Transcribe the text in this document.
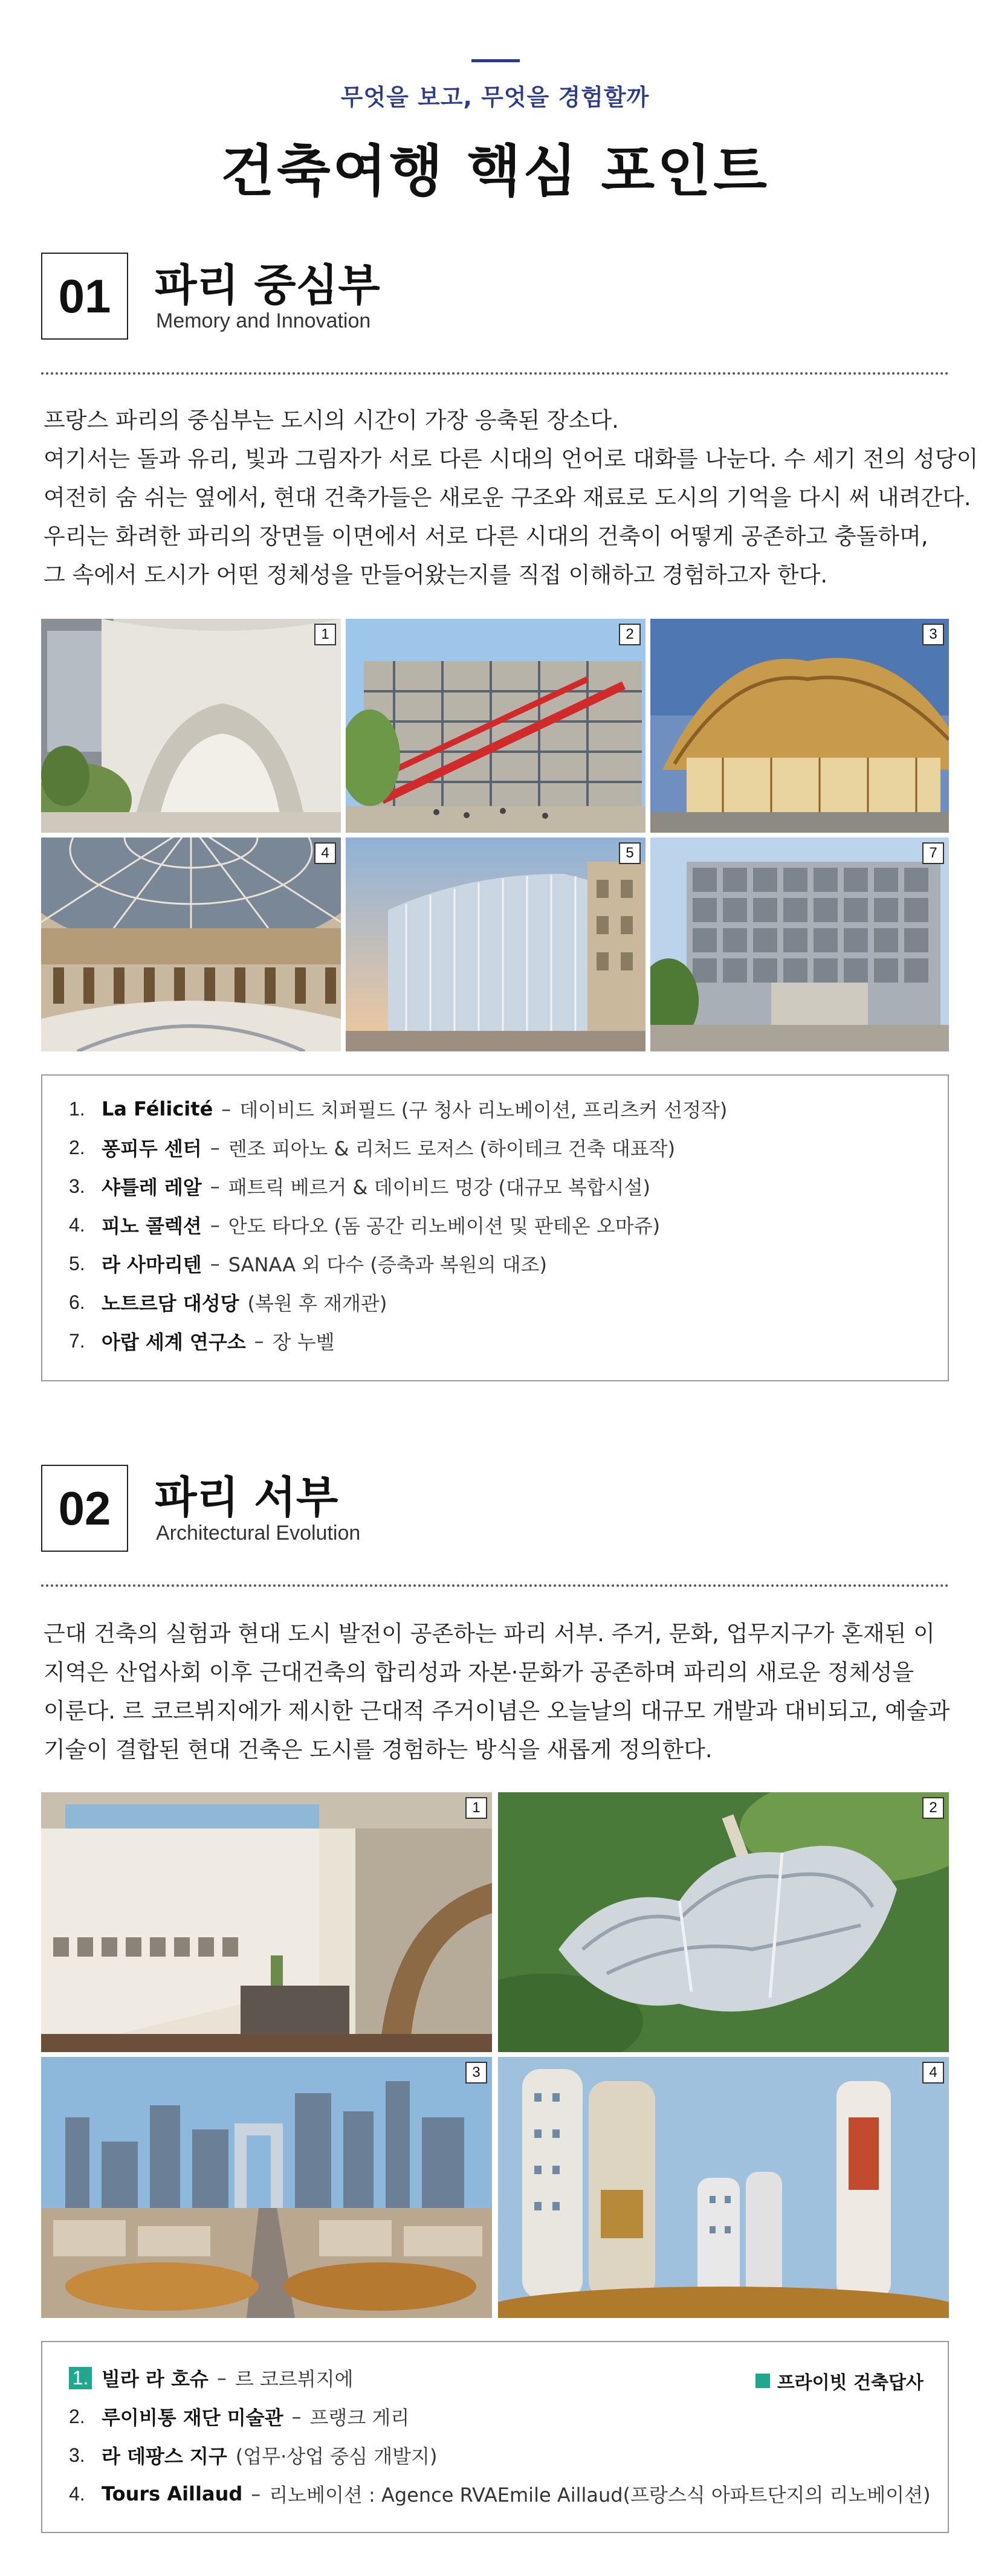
무엇을 보고, 무엇을 경험할까
건축여행 핵심 포인트
01	파리 중심부
Memory and Innovation

프랑스 파리의 중심부는 도시의 시간이 가장 응축된 장소다.

여기서는 돌과 유리, 빛과 그림자가 서로 다른 시대의 언어로 대화를 나눈다. 수 세기 전의 성당이

여전히 숨 쉬는 옆에서, 현대 건축가들은 새로운 구조와 재료로 도시의 기억을 다시 써 내려간다.

우리는 화려한 파리의 장면들 이면에서 서로 다른 시대의 건축이 어떻게 공존하고 충돌하며,

그 속에서 도시가 어떤 정체성을 만들어왔는지를 직접 이해하고 경험하고자 한다.

1	2	3
4	5	7
1. La Félicité – 데이비드 치퍼필드 (구 청사 리노베이션, 프리츠커 선정작)
2. 퐁피두 센터 – 렌조 피아노 & 리처드 로저스 (하이테크 건축 대표작)
3. 샤틀레 레알 – 패트릭 베르거 & 데이비드 멍강 (대규모 복합시설)
4. 피노 콜렉션 – 안도 타다오 (돔 공간 리노베이션 및 판테온 오마쥬)
5. 라 사마리텐 – SANAA 외 다수 (증축과 복원의 대조)
6. 노트르담 대성당 (복원 후 재개관)
7. 아랍 세계 연구소 – 장 누벨
02	파리 서부
Architectural Evolution

근대 건축의 실험과 현대 도시 발전이 공존하는 파리 서부. 주거, 문화, 업무지구가 혼재된 이

지역은 산업사회 이후 근대건축의 합리성과 자본·문화가 공존하며 파리의 새로운 정체성을

이룬다. 르 코르뷔지에가 제시한 근대적 주거이념은 오늘날의 대규모 개발과 대비되고, 예술과

기술이 결합된 현대 건축은 도시를 경험하는 방식을 새롭게 정의한다.

1	2
3	4
프라이빗 건축답사
1. 빌라 라 호슈 – 르 코르뷔지에
2. 루이비통 재단 미술관 – 프랭크 게리
3. 라 데팡스 지구 (업무·상업 중심 개발지)
4. Tours Aillaud – 리노베이션 : Agence RVAEmile Aillaud(프랑스식 아파트단지의 리노베이션)
